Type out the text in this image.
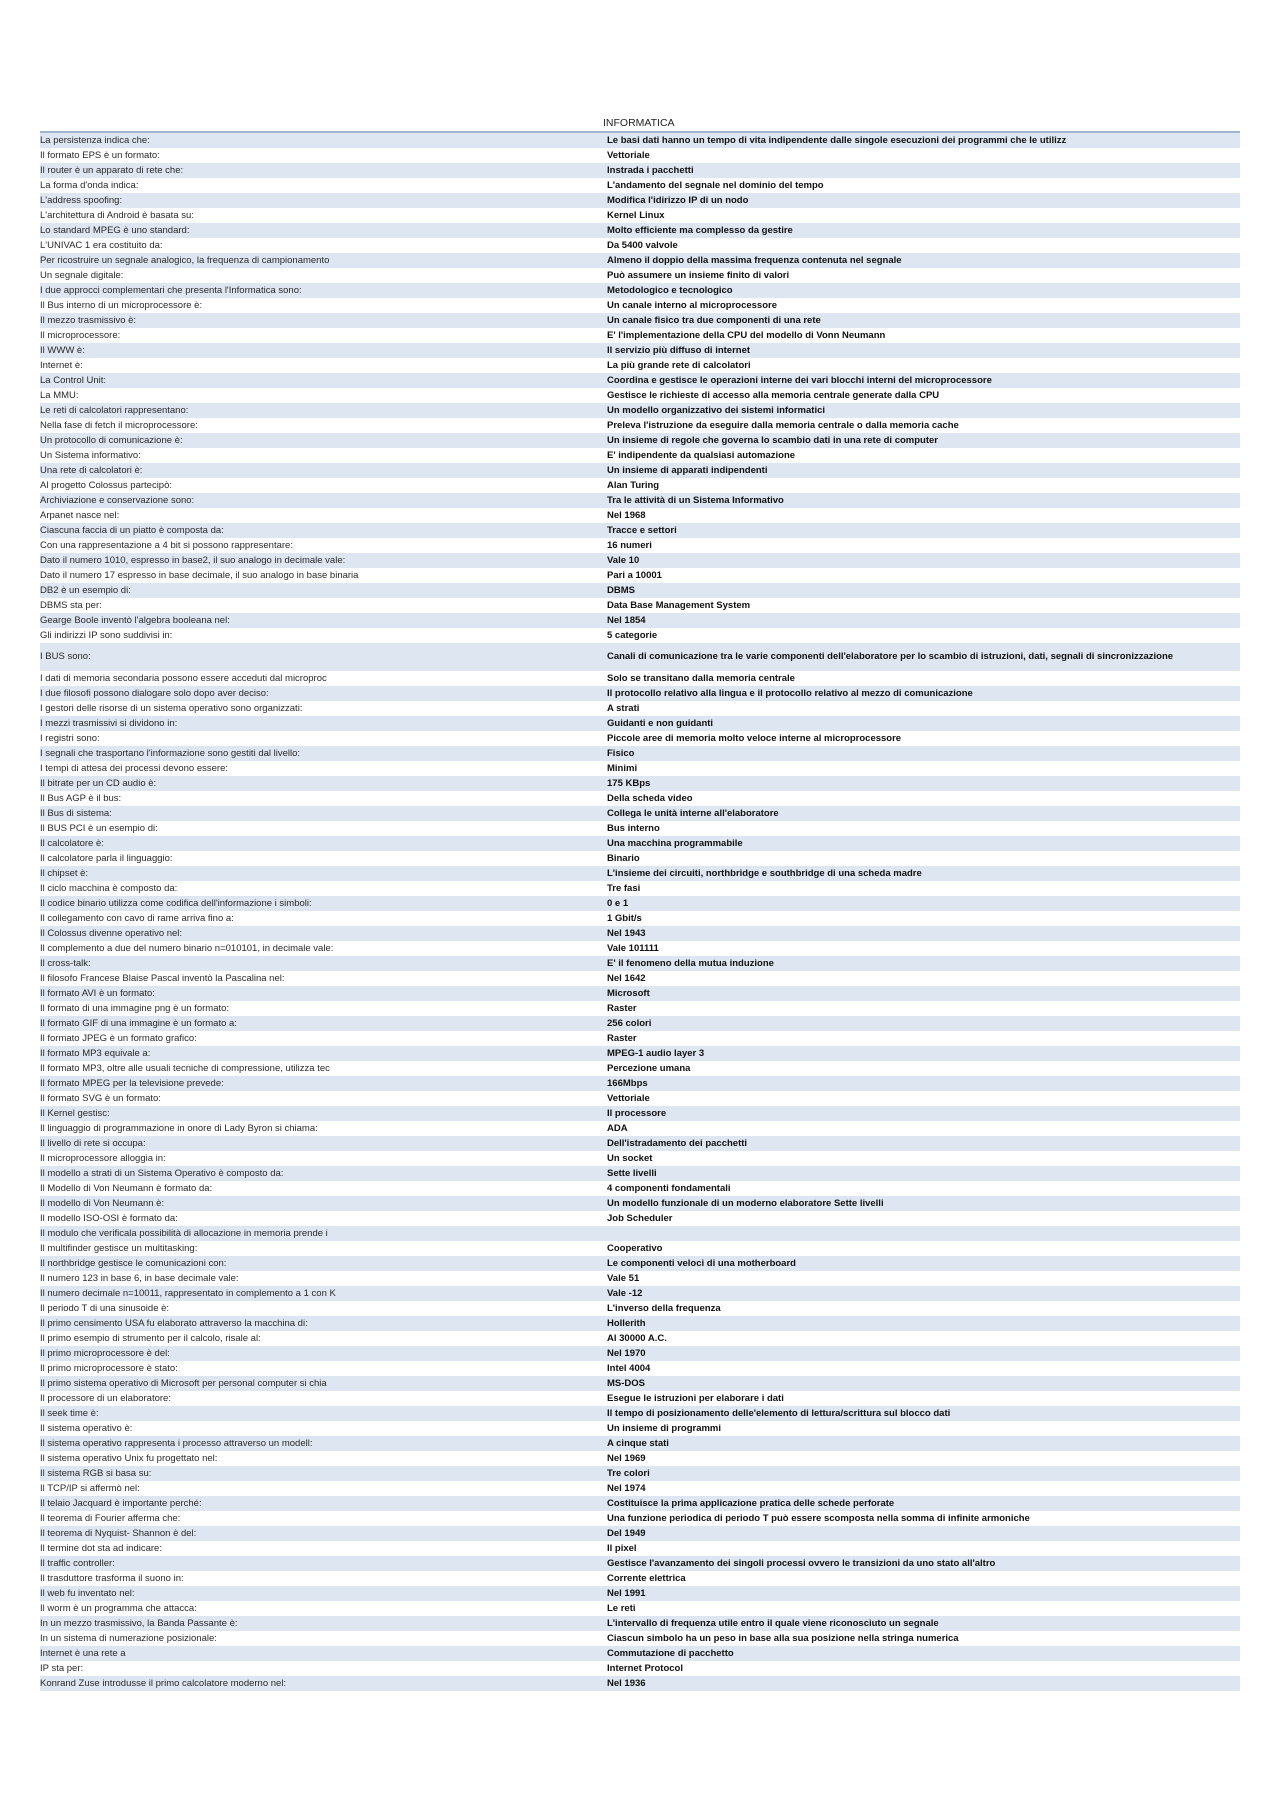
INFORMATICA
La persistenza indica che:	Le basi dati hanno un tempo di vita indipendente dalle singole esecuzioni dei programmi che le utilizz
Il formato EPS è un formato:	Vettoriale
Il router è un apparato di rete che:	Instrada i pacchetti
La forma d'onda indica:	L'andamento del segnale nel dominio del tempo
L'address spoofing:	Modifica l'idirizzo IP di un nodo
L'architettura di Android è basata su:	Kernel Linux
Lo standard MPEG è uno standard:	Molto efficiente ma complesso da gestire
L'UNIVAC 1 era costituito da:	Da 5400 valvole
Per ricostruire un segnale analogico, la frequenza di campionamento	Almeno il doppio della massima frequenza contenuta nel segnale
Un segnale digitale:	Può assumere un insieme finito di valori
I due approcci complementari che presenta l'Informatica sono:	Metodologico e tecnologico
Il Bus interno di un microprocessore è:	Un canale interno al microprocessore
Il mezzo trasmissivo è:	Un canale fisico tra due componenti di una rete
Il microprocessore:	E' l'implementazione della CPU del modello di Vonn Neumann
Il WWW è:	Il servizio più diffuso di internet
Internet è:	La più grande rete di calcolatori
La Control Unit:	Coordina e gestisce le operazioni interne dei vari blocchi interni del microprocessore
La MMU:	Gestisce le richieste di accesso alla memoria centrale generate dalla CPU
Le reti di calcolatori rappresentano:	Un modello organizzativo dei sistemi informatici
Nella fase di fetch il microprocessore:	Preleva l'istruzione da eseguire dalla memoria centrale o dalla memoria cache
Un protocollo di comunicazione è:	Un insieme di regole che governa lo scambio dati in una rete di computer
Un Sistema informativo:	E' indipendente da qualsiasi automazione
Una rete di calcolatori è:	Un insieme di apparati indipendenti
Al progetto Colossus partecipò:	Alan Turing
Archiviazione e conservazione sono:	Tra le attività di un Sistema Informativo
Arpanet nasce nel:	Nel 1968
Ciascuna faccia di un piatto è composta da:	Tracce e settori
Con una rappresentazione a 4 bit si possono rappresentare:	16 numeri
Dato il numero 1010, espresso in base2, il suo analogo in decimale vale:	Vale 10
Dato il numero 17 espresso in base decimale, il suo analogo in base binaria	Pari a 10001
DB2 è un esempio di:	DBMS
DBMS sta per:	Data Base Management System
Gearge Boole inventò l'algebra booleana nel:	Nel 1854
Gli indirizzi IP sono suddivisi in:	5 categorie
I BUS sono:	Canali di comunicazione tra le varie componenti dell'elaboratore per lo scambio di istruzioni, dati, segnali di sincronizzazione
I dati di memoria secondaria possono essere acceduti dal microproc	Solo se transitano dalla memoria centrale
I due filosofi possono dialogare solo dopo aver deciso:	Il protocollo relativo alla lingua e il protocollo relativo al mezzo di comunicazione
I gestori delle risorse di un sistema operativo sono organizzati:	A strati
I mezzi trasmissivi si dividono in:	Guidanti e non guidanti
I registri sono:	Piccole aree di memoria molto veloce interne al microprocessore
I segnali che trasportano l'informazione sono gestiti dal livello:	Fisico
I tempi di attesa dei processi devono essere:	Minimi
Il bitrate per un CD audio è:	175 KBps
Il Bus AGP è il bus:	Della scheda video
Il Bus di sistema:	Collega le unità interne all'elaboratore
Il BUS PCI è un esempio di:	Bus interno
Il calcolatore è:	Una macchina programmabile
Il calcolatore parla il linguaggio:	Binario
Il chipset è:	L'insieme dei circuiti, northbridge e southbridge di una scheda madre
Il ciclo macchina è composto da:	Tre fasi
Il codice binario utilizza come codifica dell'informazione i simboli:	0 e 1
Il collegamento con cavo di rame arriva fino a:	1 Gbit/s
Il Colossus divenne operativo nel:	Nel 1943
Il complemento a due del numero binario n=010101, in decimale vale:	Vale 101111
Il cross-talk:	E' il fenomeno della mutua induzione
Il filosofo Francese Blaise Pascal inventò la Pascalina nel:	Nel 1642
Il formato AVI è un formato:	Microsoft
Il formato di una immagine png è un formato:	Raster
Il formato GIF di una immagine è un formato a:	256 colori
Il formato JPEG è un formato grafico:	Raster
Il formato MP3 equivale a:	MPEG-1 audio layer 3
Il formato MP3, oltre alle usuali tecniche di compressione, utilizza tec	Percezione umana
Il formato MPEG per la televisione prevede:	166Mbps
Il formato SVG è un formato:	Vettoriale
Il Kernel gestisc:	Il processore
Il linguaggio di programmazione in onore di Lady Byron si chiama:	ADA
Il livello di rete si occupa:	Dell'istradamento dei pacchetti
Il microprocessore alloggia in:	Un socket
Il modello a strati di un Sistema Operativo è composto da:	Sette livelli
Il Modello di Von Neumann è formato da:	4 componenti fondamentali
Il modello di Von Neumann è:	Un modello funzionale di un moderno elaboratore Sette livelli
Il modello ISO-OSI è formato da:	Job Scheduler
Il modulo che verificala possibilità di allocazione in memoria prende i
Il multifinder gestisce un multitasking:	Cooperativo
Il northbridge gestisce le comunicazioni con:	Le componenti veloci di una motherboard
Il numero 123 in base 6, in base decimale vale:	Vale 51
Il numero decimale n=10011, rappresentato in complemento a 1 con K	Vale -12
Il periodo T di una sinusoide è:	L'inverso della frequenza
Il primo censimento USA fu elaborato attraverso la macchina di:	Hollerith
Il primo esempio di strumento per il calcolo, risale al:	Al 30000 A.C.
Il primo microprocessore è del:	Nel 1970
Il primo microprocessore è stato:	Intel 4004
Il primo sistema operativo di Microsoft per personal computer si chia	MS-DOS
Il processore di un elaboratore:	Esegue le istruzioni per elaborare i dati
Il seek time è:	Il tempo di posizionamento delle'elemento di lettura/scrittura sul blocco dati
Il sistema operativo è:	Un insieme di programmi
Il sistema operativo rappresenta i processo attraverso un modell:	A cinque stati
Il sistema operativo Unix fu progettato nel:	Nel 1969
Il sistema RGB si basa su:	Tre colori
Il TCP/IP si affermò nel:	Nel 1974
Il telaio Jacquard è importante perché:	Costituisce la prima applicazione pratica delle schede perforate
Il teorema di Fourier afferma che:	Una funzione periodica di periodo T può essere scomposta nella somma di infinite armoniche
Il teorema di Nyquist- Shannon è del:	Del 1949
Il termine dot sta ad indicare:	Il pixel
Il traffic controller:	Gestisce l'avanzamento dei singoli processi ovvero le transizioni da uno stato all'altro
Il trasduttore trasforma il suono in:	Corrente elettrica
Il web fu inventato nel:	Nel 1991
Il worm è un programma che attacca:	Le reti
In un mezzo trasmissivo, la Banda Passante è:	L'intervallo di frequenza utile entro il quale viene riconosciuto un segnale
In un sistema di numerazione posizionale:	Ciascun simbolo ha un peso in base alla sua posizione nella stringa numerica
Internet è una rete a	Commutazione di pacchetto
IP sta per:	Internet Protocol
Konrand Zuse introdusse il primo calcolatore moderno nel:	Nel 1936
